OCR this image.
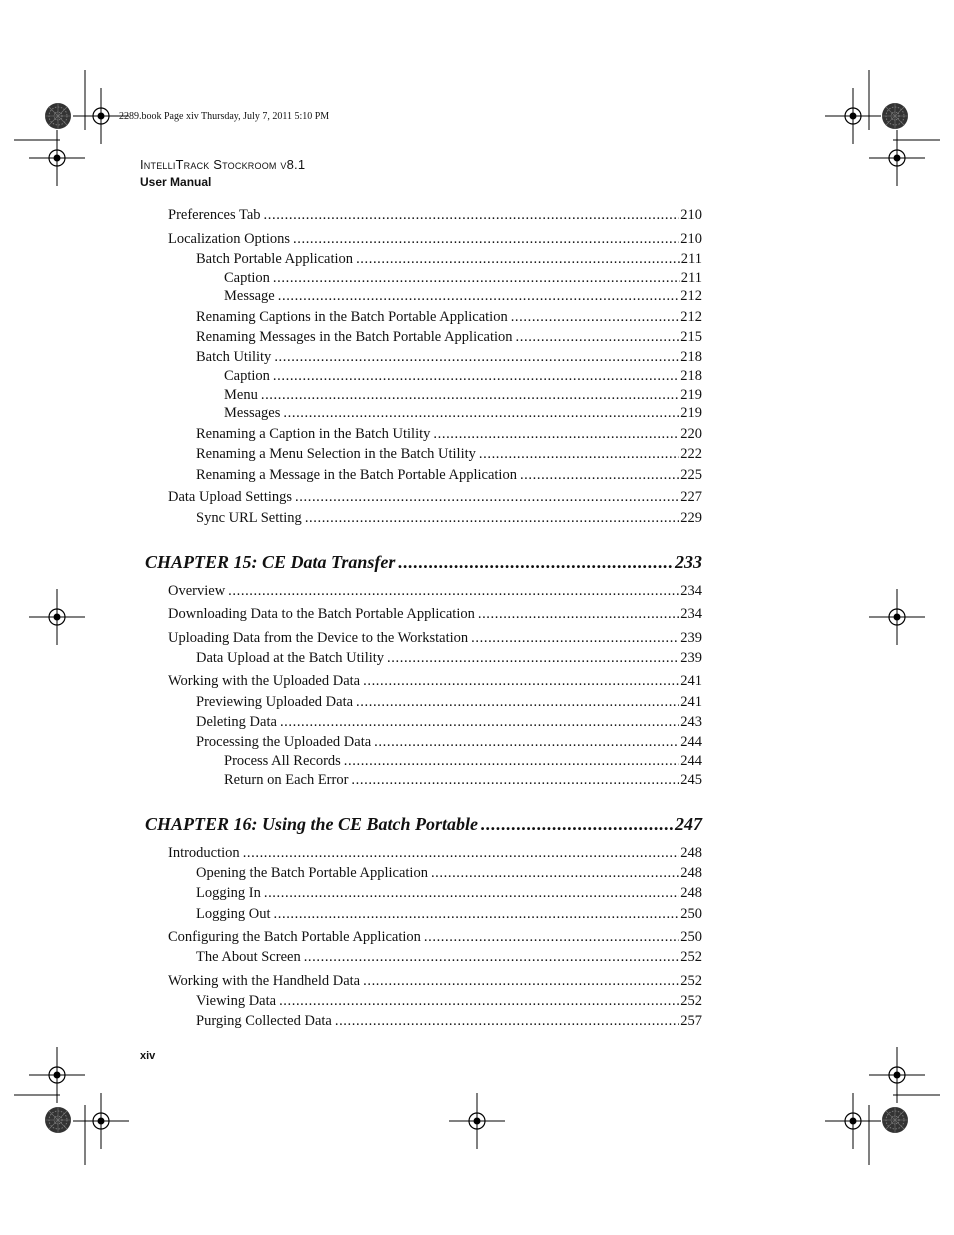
2289.book Page xiv Thursday, July 7, 2011 5:10 PM
IntelliTrack Stockroom v8.1
User Manual
Preferences Tab .....	210
Localization Options .....	210
Batch Portable Application .....	211
Caption .....	211
Message .....	212
Renaming Captions in the Batch Portable Application .....	212
Renaming Messages in the Batch Portable Application .....	215
Batch Utility .....	218
Caption .....	218
Menu .....	219
Messages .....	219
Renaming a Caption in the Batch Utility .....	220
Renaming a Menu Selection in the Batch Utility .....	222
Renaming a Message in the Batch Portable Application .....	225
Data Upload Settings .....	227
Sync URL Setting .....	229
CHAPTER 15: CE Data Transfer .....	233
Overview .....	234
Downloading Data to the Batch Portable Application .....	234
Uploading Data from the Device to the Workstation .....	239
Data Upload at the Batch Utility .....	239
Working with the Uploaded Data .....	241
Previewing Uploaded Data .....	241
Deleting Data .....	243
Processing the Uploaded Data .....	244
Process All Records .....	244
Return on Each Error .....	245
CHAPTER 16: Using the CE Batch Portable .....	247
Introduction .....	248
Opening the Batch Portable Application .....	248
Logging In .....	248
Logging Out .....	250
Configuring the Batch Portable Application .....	250
The About Screen .....	252
Working with the Handheld Data .....	252
Viewing Data .....	252
Purging Collected Data .....	257
xiv
